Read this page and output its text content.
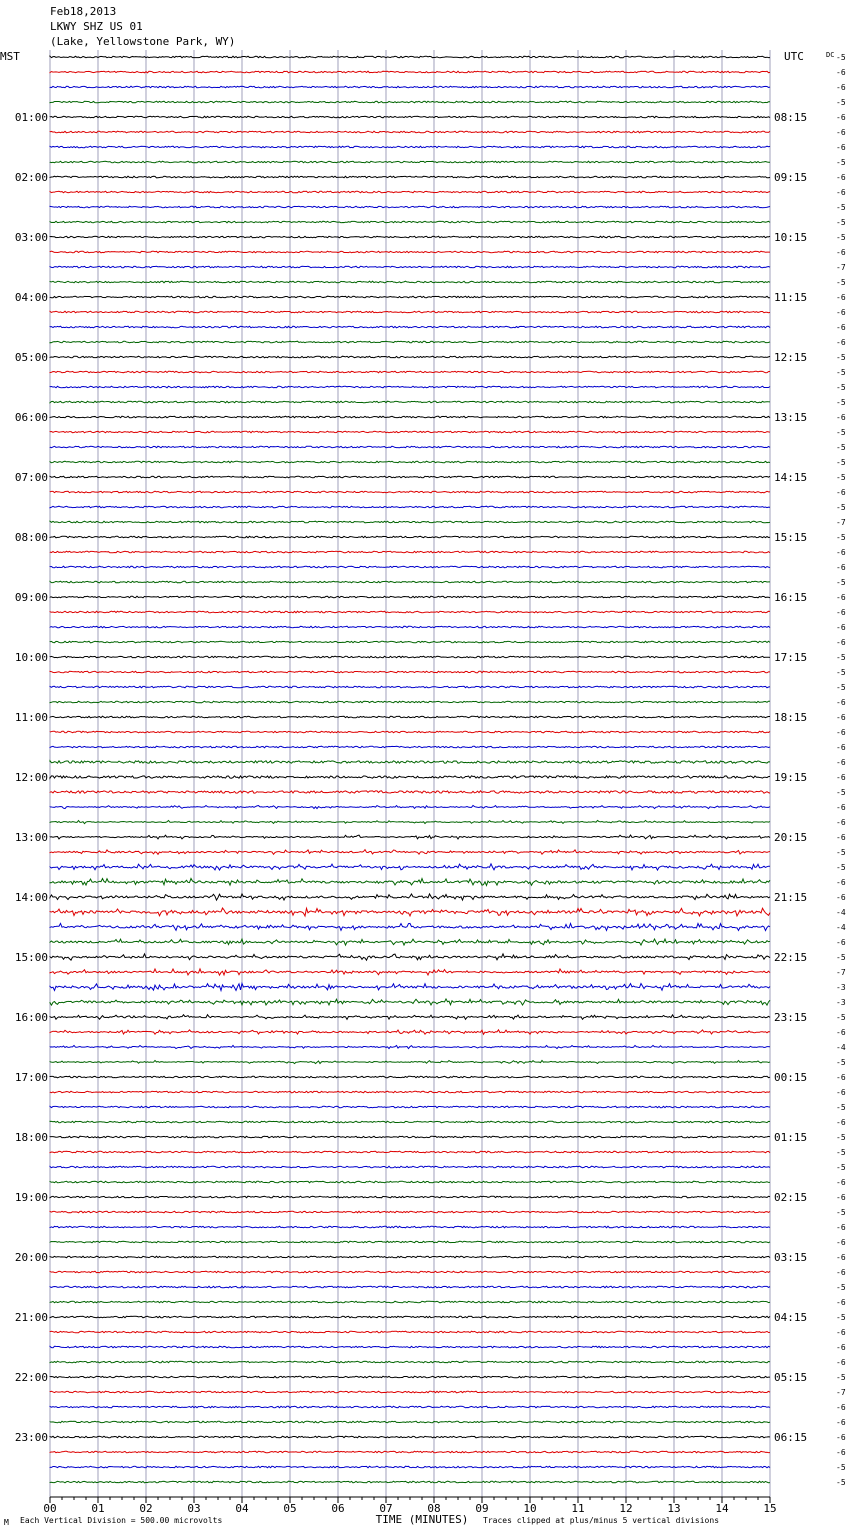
Feb18,2013
LKWY SHZ US 01
(Lake, Yellowstone Park, WY)
-5
-6
-6
-5
-6
-6
-6
-5
-6
-6
-5
-5
-5
-6
-7
-5
-6
-6
-6
-6
-5
-5
-5
-5
-6
-5
-5
-5
-5
-6
-5
-7
-5
-6
-6
-5
-6
-6
-6
-6
-5
-5
-5
-6
-6
-6
-6
-6
-6
-5
-6
-6
-6
-5
-5
-6
-6
-4
-4
-6
-5
-7
-3
-3
-5
-6
-4
-5
-6
-6
-5
-6
-5
-5
-5
-6
-6
-5
-6
-6
-6
-6
-5
-6
-5
-6
-6
-6
-5
-7
-6
-6
-6
-6
-5
-5
MST	UTC	DC
01:00
02:00
03:00
04:00
05:00
06:00
07:00
08:00
09:00
10:00
11:00
12:00
13:00
14:00
15:00
16:00
17:00
18:00
19:00
20:00
21:00
22:00
23:00
08:15
09:15
10:15
11:15
12:15
13:15
14:15
15:15
16:15
17:15
18:15
19:15
20:15
21:15
22:15
23:15
00:15
01:15
02:15
03:15
04:15
05:15
06:15
00	01	02	03	04	05	06	07	08	09	10	11	12	13	14	15
TIME (MINUTES)
M Each Vertical Division = 500.00 microvolts	Traces clipped at plus/minus 5 vertical divisions
